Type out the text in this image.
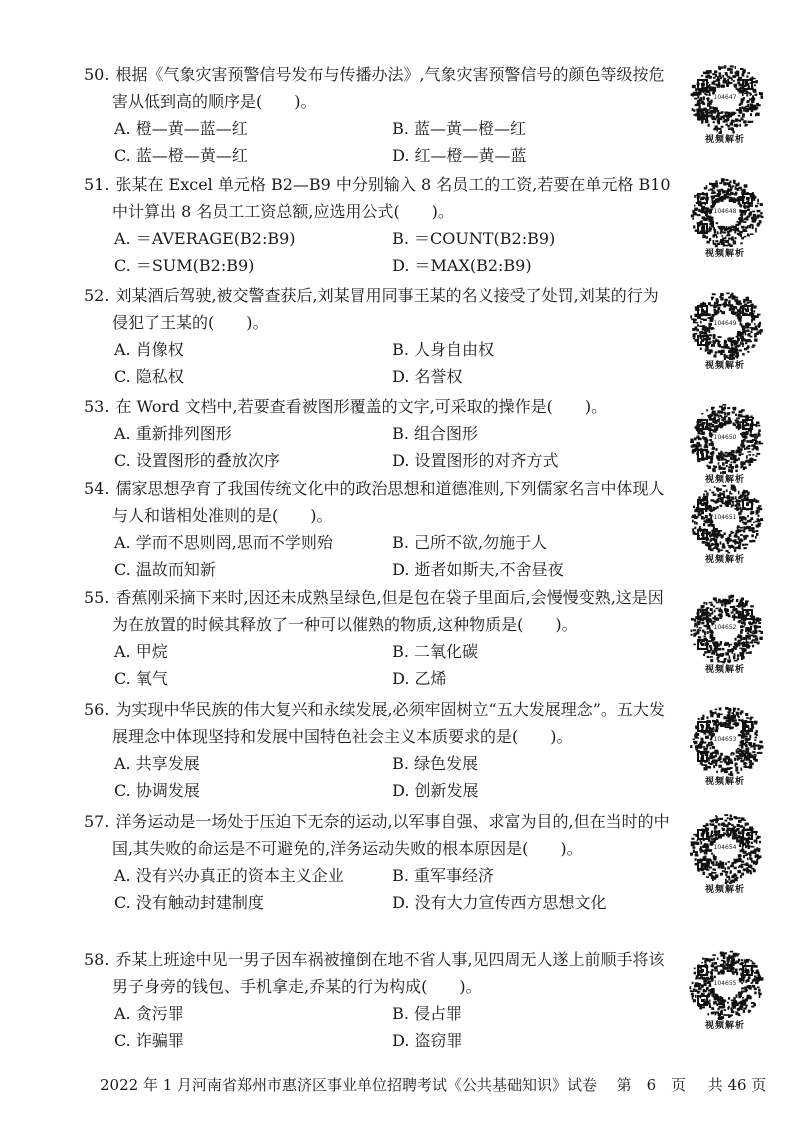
50. 根据《气象灾害预警信号发布与传播办法》,气象灾害预警信号的颜色等级按危害从低到高的顺序是(　　)。
A. 橙—黄—蓝—红	B. 蓝—黄—橙—红
C. 蓝—橙—黄—红	D. 红—橙—黄—蓝
104647
视频解析
51. 张某在 Excel 单元格 B2—B9 中分别输入 8 名员工的工资,若要在单元格 B10 中计算出 8 名员工工资总额,应选用公式(　　)。
A. ＝AVERAGE(B2:B9)	B. ＝COUNT(B2:B9)
C. ＝SUM(B2:B9)	D. ＝MAX(B2:B9)
104648
视频解析
52. 刘某酒后驾驶,被交警查获后,刘某冒用同事王某的名义接受了处罚,刘某的行为侵犯了王某的(　　)。
A. 肖像权	B. 人身自由权
C. 隐私权	D. 名誉权
104649
视频解析
53. 在 Word 文档中,若要查看被图形覆盖的文字,可采取的操作是(　　)。
A. 重新排列图形	B. 组合图形
C. 设置图形的叠放次序	D. 设置图形的对齐方式
104650
视频解析
54. 儒家思想孕育了我国传统文化中的政治思想和道德准则,下列儒家名言中体现人与人和谐相处准则的是(　　)。
A. 学而不思则罔,思而不学则殆	B. 己所不欲,勿施于人
C. 温故而知新	D. 逝者如斯夫,不舍昼夜
104651
视频解析
55. 香蕉刚采摘下来时,因还未成熟呈绿色,但是包在袋子里面后,会慢慢变熟,这是因为在放置的时候其释放了一种可以催熟的物质,这种物质是(　　)。
A. 甲烷	B. 二氧化碳
C. 氧气	D. 乙烯
104652
视频解析
56. 为实现中华民族的伟大复兴和永续发展,必须牢固树立“五大发展理念”。五大发展理念中体现坚持和发展中国特色社会主义本质要求的是(　　)。
A. 共享发展	B. 绿色发展
C. 协调发展	D. 创新发展
104653
视频解析
57. 洋务运动是一场处于压迫下无奈的运动,以军事自强、求富为目的,但在当时的中国,其失败的命运是不可避免的,洋务运动失败的根本原因是(　　)。
A. 没有兴办真正的资本主义企业	B. 重军事经济
C. 没有触动封建制度	D. 没有大力宣传西方思想文化
104654
视频解析
58. 乔某上班途中见一男子因车祸被撞倒在地不省人事,见四周无人遂上前顺手将该男子身旁的钱包、手机拿走,乔某的行为构成(　　)。
A. 贪污罪	B. 侵占罪
C. 诈骗罪	D. 盗窃罪
104655
视频解析
2022 年 1 月河南省郑州市惠济区事业单位招聘考试《公共基础知识》试卷 第　6　页 共 46 页
